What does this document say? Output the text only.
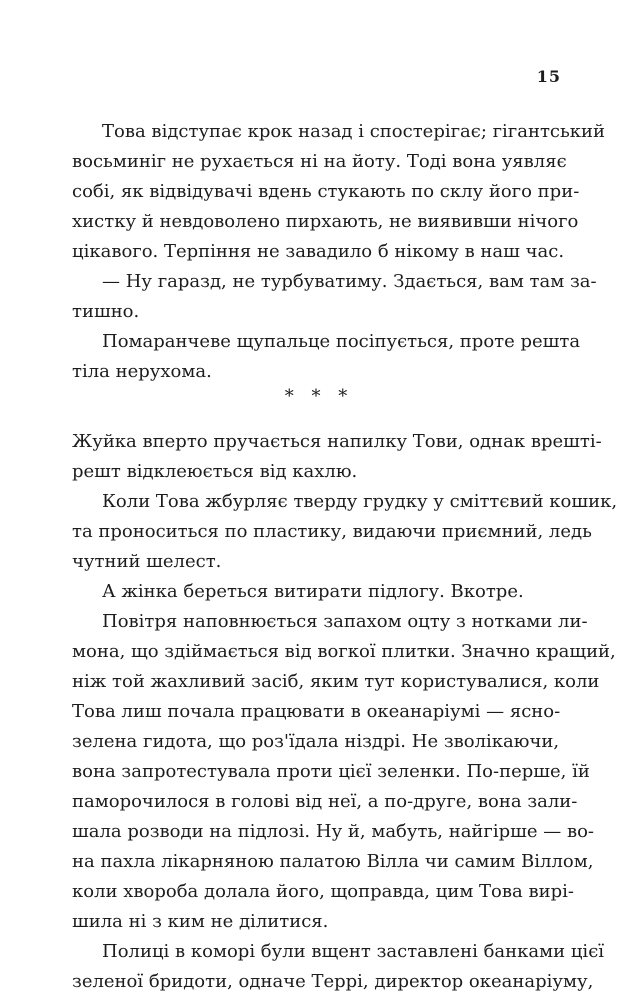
15
Това відступає крок назад і спостерігає; гігантський
восьминіг не рухається ні на йоту. Тоді вона уявляє
собі, як відвідувачі вдень стукають по склу його при-
хистку й невдоволено пирхають, не виявивши нічого
цікавого. Терпіння не завадило б нікому в наш час.
— Ну гаразд, не турбуватиму. Здається, вам там за-
тишно.
Помаранчеве щупальце посіпується, проте решта
тіла нерухома.
* * *
Жуйка вперто пручається напилку Тови, однак врешті-
решт відклеюється від кахлю.
Коли Това жбурляє тверду грудку у сміттєвий кошик,
та проноситься по пластику, видаючи приємний, ледь
чутний шелест.
А жінка береться витирати підлогу. Вкотре.
Повітря наповнюється запахом оцту з нотками ли-
мона, що здіймається від вогкої плитки. Значно кращий,
ніж той жахливий засіб, яким тут користувалися, коли
Това лиш почала працювати в океанаріумі — ясно-
зелена гидота, що роз'їдала ніздрі. Не зволікаючи,
вона запротестувала проти цієї зеленки. По-перше, їй
паморочилося в голові від неї, а по-друге, вона зали-
шала розводи на підлозі. Ну й, мабуть, найгірше — во-
на пахла лікарняною палатою Вілла чи самим Віллом,
коли хвороба долала його, щоправда, цим Това вирі-
шила ні з ким не ділитися.
Полиці в коморі були вщент заставлені банками цієї
зеленої бридоти, одначе Террі, директор океанаріуму,
